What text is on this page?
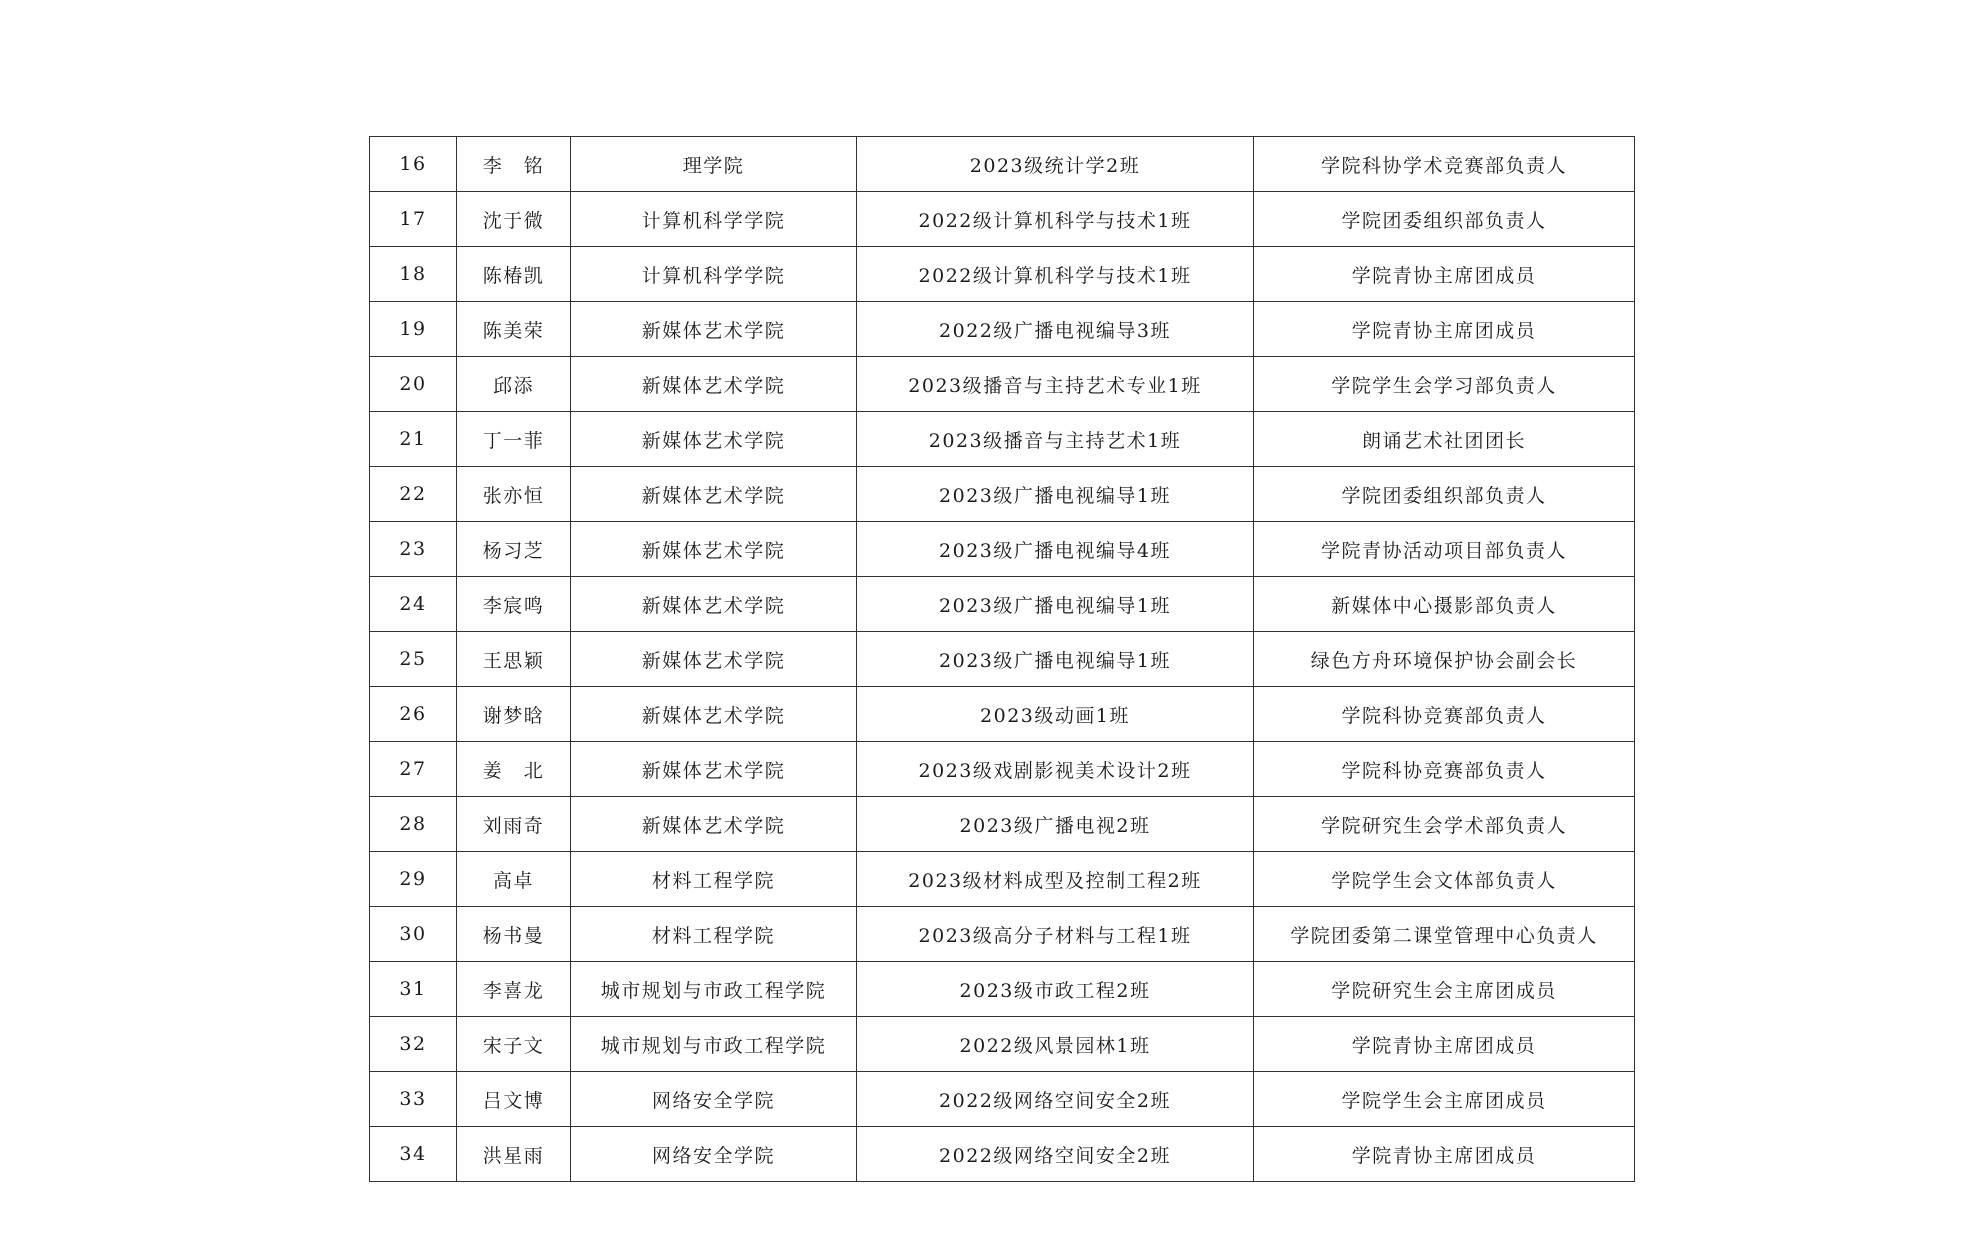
16	李　铭	理学院	2023级统计学2班	学院科协学术竞赛部负责人
17	沈于微	计算机科学学院	2022级计算机科学与技术1班	学院团委组织部负责人
18	陈椿凯	计算机科学学院	2022级计算机科学与技术1班	学院青协主席团成员
19	陈美荣	新媒体艺术学院	2022级广播电视编导3班	学院青协主席团成员
20	邱添	新媒体艺术学院	2023级播音与主持艺术专业1班	学院学生会学习部负责人
21	丁一菲	新媒体艺术学院	2023级播音与主持艺术1班	朗诵艺术社团团长
22	张亦恒	新媒体艺术学院	2023级广播电视编导1班	学院团委组织部负责人
23	杨习芝	新媒体艺术学院	2023级广播电视编导4班	学院青协活动项目部负责人
24	李宸鸣	新媒体艺术学院	2023级广播电视编导1班	新媒体中心摄影部负责人
25	王思颖	新媒体艺术学院	2023级广播电视编导1班	绿色方舟环境保护协会副会长
26	谢梦晗	新媒体艺术学院	2023级动画1班	学院科协竞赛部负责人
27	姜　北	新媒体艺术学院	2023级戏剧影视美术设计2班	学院科协竞赛部负责人
28	刘雨奇	新媒体艺术学院	2023级广播电视2班	学院研究生会学术部负责人
29	高卓	材料工程学院	2023级材料成型及控制工程2班	学院学生会文体部负责人
30	杨书曼	材料工程学院	2023级高分子材料与工程1班	学院团委第二课堂管理中心负责人
31	李喜龙	城市规划与市政工程学院	2023级市政工程2班	学院研究生会主席团成员
32	宋子文	城市规划与市政工程学院	2022级风景园林1班	学院青协主席团成员
33	吕文博	网络安全学院	2022级网络空间安全2班	学院学生会主席团成员
34	洪星雨	网络安全学院	2022级网络空间安全2班	学院青协主席团成员
